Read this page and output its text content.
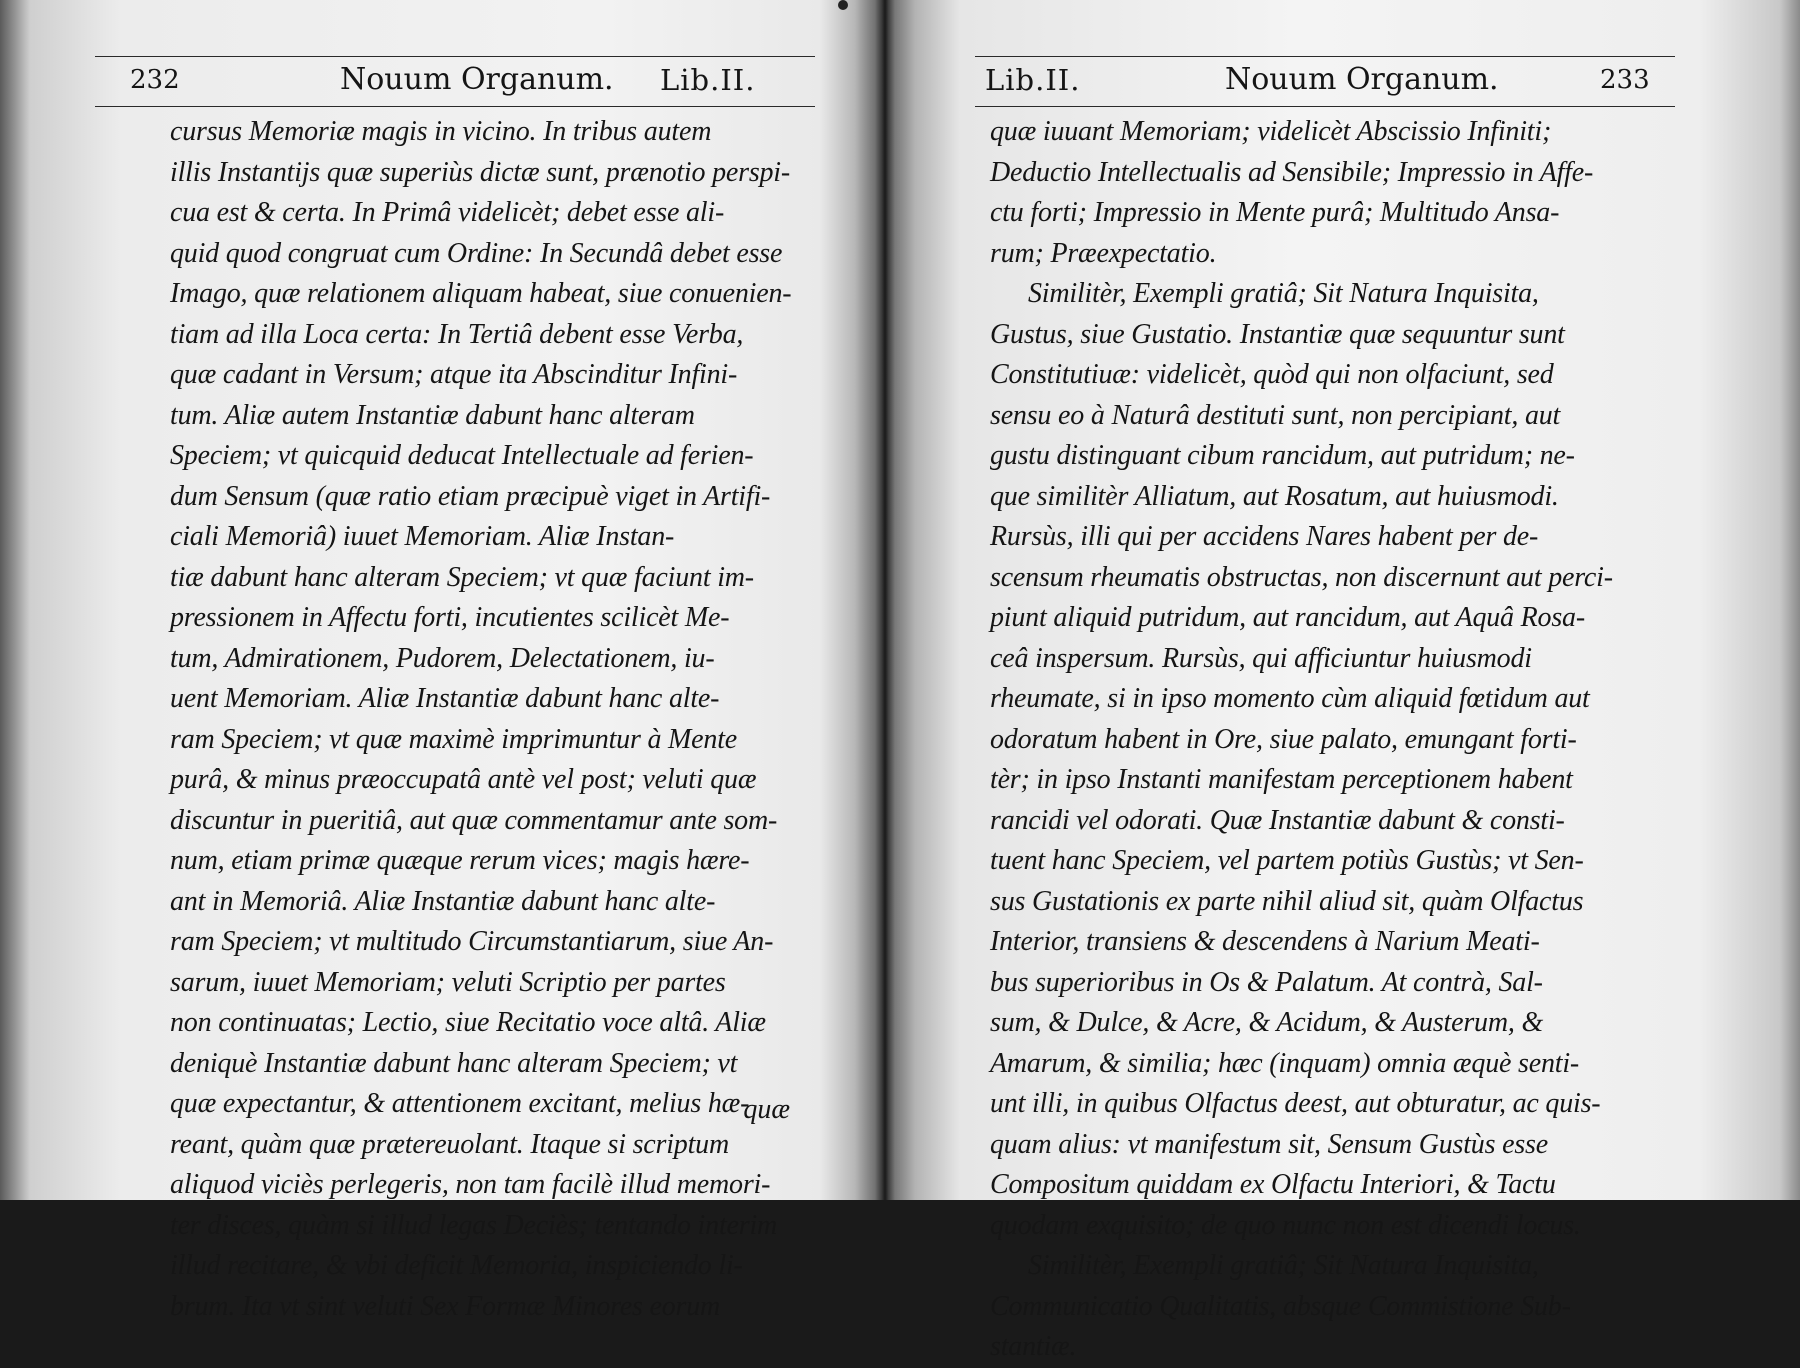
232	Nouum Organum. Lib.II.
cursus Memoriæ magis in vicino. In tribus autem
illis Instantijs quæ superiùs dictæ sunt, prænotio perspi-
cua est & certa. In Primâ videlicèt; debet esse ali-
quid quod congruat cum Ordine: In Secundâ debet esse
Imago, quæ relationem aliquam habeat, siue conuenien-
tiam ad illa Loca certa: In Tertiâ debent esse Verba,
quæ cadant in Versum; atque ita Abscinditur Infini-
tum. Aliæ autem Instantiæ dabunt hanc alteram
Speciem; vt quicquid deducat Intellectuale ad ferien-
dum Sensum (quæ ratio etiam præcipuè viget in Artifi-
ciali Memoriâ) iuuet Memoriam. Aliæ Instan-
tiæ dabunt hanc alteram Speciem; vt quæ faciunt im-
pressionem in Affectu forti, incutientes scilicèt Me-
tum, Admirationem, Pudorem, Delectationem, iu-
uent Memoriam. Aliæ Instantiæ dabunt hanc alte-
ram Speciem; vt quæ maximè imprimuntur à Mente
purâ, & minus præoccupatâ antè vel post; veluti quæ
discuntur in pueritiâ, aut quæ commentamur ante som-
num, etiam primæ quæque rerum vices; magis hære-
ant in Memoriâ. Aliæ Instantiæ dabunt hanc alte-
ram Speciem; vt multitudo Circumstantiarum, siue An-
sarum, iuuet Memoriam; veluti Scriptio per partes
non continuatas; Lectio, siue Recitatio voce altâ. Aliæ
deniquè Instantiæ dabunt hanc alteram Speciem; vt
quæ expectantur, & attentionem excitant, melius hæ-
reant, quàm quæ prætereuolant. Itaque si scriptum
aliquod viciès perlegeris, non tam facilè illud memori-
ter disces, quàm si illud legas Deciès; tentando interim
illud recitare, & vbi deficit Memoria, inspiciendo li-
brum. Ita vt sint veluti Sex Formæ Minores eorum
quæ
Lib.II.	Nouum Organum.	233
quæ iuuant Memoriam; videlicèt Abscissio Infiniti;
Deductio Intellectualis ad Sensibile; Impressio in Affe-
ctu forti; Impressio in Mente purâ; Multitudo Ansa-
rum; Præexpectatio.
Similitèr, Exempli gratiâ; Sit Natura Inquisita,
Gustus, siue Gustatio. Instantiæ quæ sequuntur sunt
Constitutiuæ: videlicèt, quòd qui non olfaciunt, sed
sensu eo à Naturâ destituti sunt, non percipiant, aut
gustu distinguant cibum rancidum, aut putridum; ne-
que similitèr Alliatum, aut Rosatum, aut huiusmodi.
Rursùs, illi qui per accidens Nares habent per de-
scensum rheumatis obstructas, non discernunt aut perci-
piunt aliquid putridum, aut rancidum, aut Aquâ Rosa-
ceâ inspersum. Rursùs, qui afficiuntur huiusmodi
rheumate, si in ipso momento cùm aliquid fœtidum aut
odoratum habent in Ore, siue palato, emungant forti-
tèr; in ipso Instanti manifestam perceptionem habent
rancidi vel odorati. Quæ Instantiæ dabunt & consti-
tuent hanc Speciem, vel partem potiùs Gustùs; vt Sen-
sus Gustationis ex parte nihil aliud sit, quàm Olfactus
Interior, transiens & descendens à Narium Meati-
bus superioribus in Os & Palatum. At contrà, Sal-
sum, & Dulce, & Acre, & Acidum, & Austerum, &
Amarum, & similia; hæc (inquam) omnia æquè senti-
unt illi, in quibus Olfactus deest, aut obturatur, ac quis-
quam alius: vt manifestum sit, Sensum Gustùs esse
Compositum quiddam ex Olfactu Interiori, & Tactu
quodam exquisito; de quo nunc non est dicendi locus.
Similitèr, Exempli gratiâ; Sit Natura Inquisita,
Communicatio Qualitatis, absque Commistione Sub-
stantiæ.
